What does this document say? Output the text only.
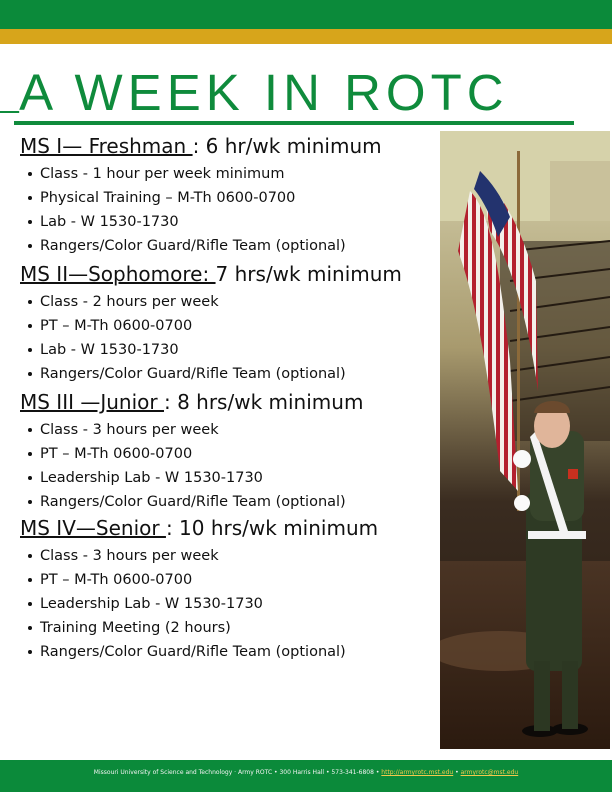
A WEEK IN ROTC
MS I— Freshman : 6 hr/wk minimum
Class - 1 hour per week minimum
Physical Training – M-Th 0600-0700
Lab - W 1530-1730
Rangers/Color Guard/Rifle Team (optional)
MS II—Sophomore: 7 hrs/wk minimum
Class - 2 hours per week
PT – M-Th 0600-0700
Lab - W 1530-1730
Rangers/Color Guard/Rifle Team (optional)
MS III —Junior : 8 hrs/wk minimum
Class - 3 hours per week
PT – M-Th 0600-0700
Leadership Lab - W 1530-1730
Rangers/Color Guard/Rifle Team (optional)
MS IV—Senior : 10 hrs/wk minimum
Class - 3 hours per week
PT – M-Th 0600-0700
Leadership Lab - W 1530-1730
Training Meeting (2 hours)
Rangers/Color Guard/Rifle Team (optional)
Missouri University of Science and Technology · Army ROTC • 300 Harris Hall • 573-341-6808 • http://armyrotc.mst.edu • armyrotc@mst.edu
